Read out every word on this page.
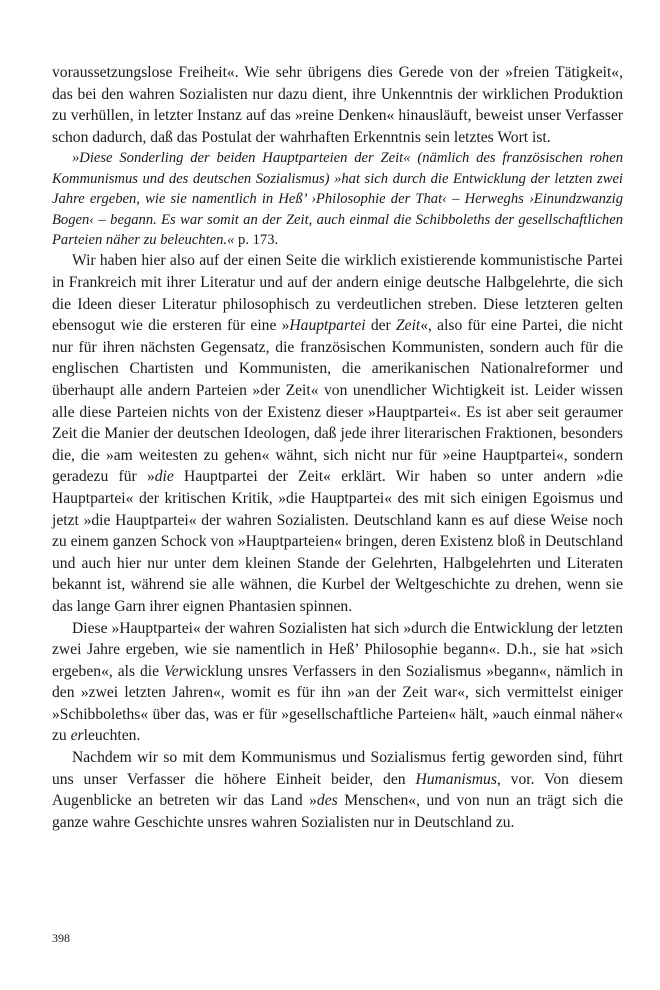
voraussetzungslose Freiheit«. Wie sehr übrigens dies Gerede von der »freien Tätigkeit«, das bei den wahren Sozialisten nur dazu dient, ihre Unkenntnis der wirklichen Produktion zu verhüllen, in letzter Instanz auf das »reine Denken« hinausläuft, beweist unser Verfasser schon dadurch, daß das Postulat der wahrhaften Erkenntnis sein letztes Wort ist.

»Diese Sonderling der beiden Hauptparteien der Zeit« (nämlich des französischen rohen Kommunismus und des deutschen Sozialismus) »hat sich durch die Entwicklung der letzten zwei Jahre ergeben, wie sie namentlich in Heß’ ›Philosophie der That‹ – Herweghs ›Einundzwanzig Bogen‹ – begann. Es war somit an der Zeit, auch einmal die Schibboleths der gesellschaftlichen Parteien näher zu beleuchten.« p. 173.

Wir haben hier also auf der einen Seite die wirklich existierende kommunistische Partei in Frankreich mit ihrer Literatur und auf der andern einige deutsche Halbgelehrte, die sich die Ideen dieser Literatur philosophisch zu verdeutlichen streben. Diese letzteren gelten ebensogut wie die ersteren für eine »Hauptpartei der Zeit«, also für eine Partei, die nicht nur für ihren nächsten Gegensatz, die französischen Kommunisten, sondern auch für die englischen Chartisten und Kommunisten, die amerikanischen Nationalreformer und überhaupt alle andern Parteien »der Zeit« von unendlicher Wichtigkeit ist. Leider wissen alle diese Parteien nichts von der Existenz dieser »Hauptpartei«. Es ist aber seit geraumer Zeit die Manier der deutschen Ideologen, daß jede ihrer literarischen Fraktionen, besonders die, die »am weitesten zu gehen« wähnt, sich nicht nur für »eine Hauptpartei«, sondern geradezu für »die Hauptpartei der Zeit« erklärt. Wir haben so unter andern »die Hauptpartei« der kritischen Kritik, »die Hauptpartei« des mit sich einigen Egoismus und jetzt »die Hauptpartei« der wahren Sozialisten. Deutschland kann es auf diese Weise noch zu einem ganzen Schock von »Hauptparteien« bringen, deren Existenz bloß in Deutschland und auch hier nur unter dem kleinen Stande der Gelehrten, Halbgelehrten und Literaten bekannt ist, während sie alle wähnen, die Kurbel der Weltgeschichte zu drehen, wenn sie das lange Garn ihrer eignen Phantasien spinnen.

Diese »Hauptpartei« der wahren Sozialisten hat sich »durch die Entwicklung der letzten zwei Jahre ergeben, wie sie namentlich in Heß’ Philosophie begann«. D.h., sie hat »sich ergeben«, als die Verwicklung unsres Verfassers in den Sozialismus »begann«, nämlich in den »zwei letzten Jahren«, womit es für ihn »an der Zeit war«, sich vermittelst einiger »Schibboleths« über das, was er für »gesellschaftliche Parteien« hält, »auch einmal näher« zu erleuchten.

Nachdem wir so mit dem Kommunismus und Sozialismus fertig geworden sind, führt uns unser Verfasser die höhere Einheit beider, den Humanismus, vor. Von diesem Augenblicke an betreten wir das Land »des Menschen«, und von nun an trägt sich die ganze wahre Geschichte unsres wahren Sozialisten nur in Deutschland zu.

398
